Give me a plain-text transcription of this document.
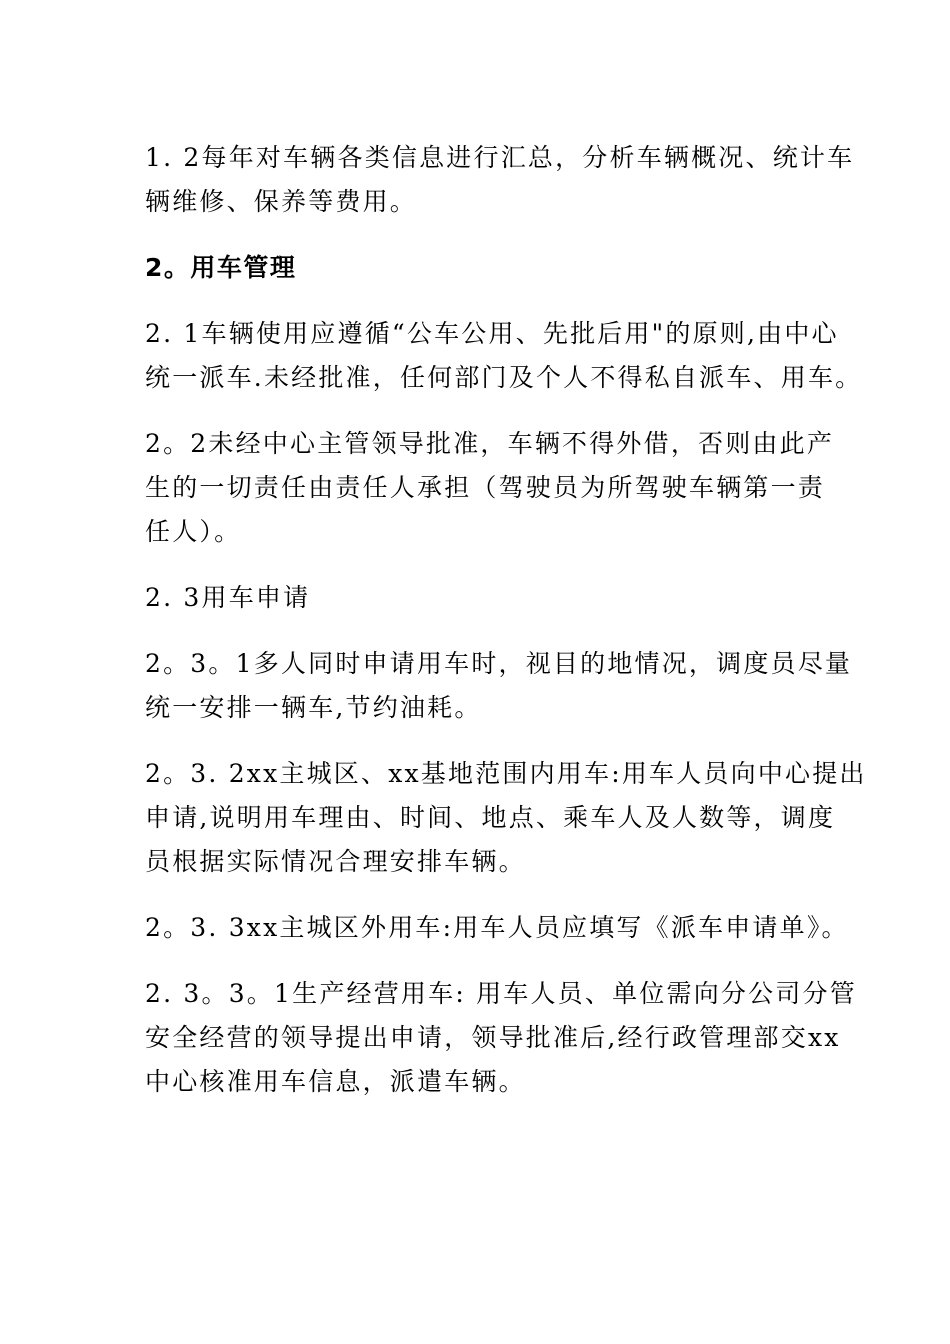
1. 2每年对车辆各类信息进行汇总，分析车辆概况、统计车
辆维修、保养等费用。

2。用车管理

2. 1车辆使用应遵循“公车公用、先批后用"的原则,由中心
统一派车.未经批准，任何部门及个人不得私自派车、用车。

2。2未经中心主管领导批准，车辆不得外借，否则由此产
生的一切责任由责任人承担（驾驶员为所驾驶车辆第一责
任人）。

2. 3用车申请

2。3。1多人同时申请用车时，视目的地情况，调度员尽量
统一安排一辆车,节约油耗。

2。3. 2xx主城区、xx基地范围内用车:用车人员向中心提出
申请,说明用车理由、时间、地点、乘车人及人数等，调度
员根据实际情况合理安排车辆。

2。3. 3xx主城区外用车:用车人员应填写《派车申请单》。

2. 3。3。1生产经营用车: 用车人员、单位需向分公司分管
安全经营的领导提出申请，领导批准后,经行政管理部交xx
中心核准用车信息，派遣车辆。
